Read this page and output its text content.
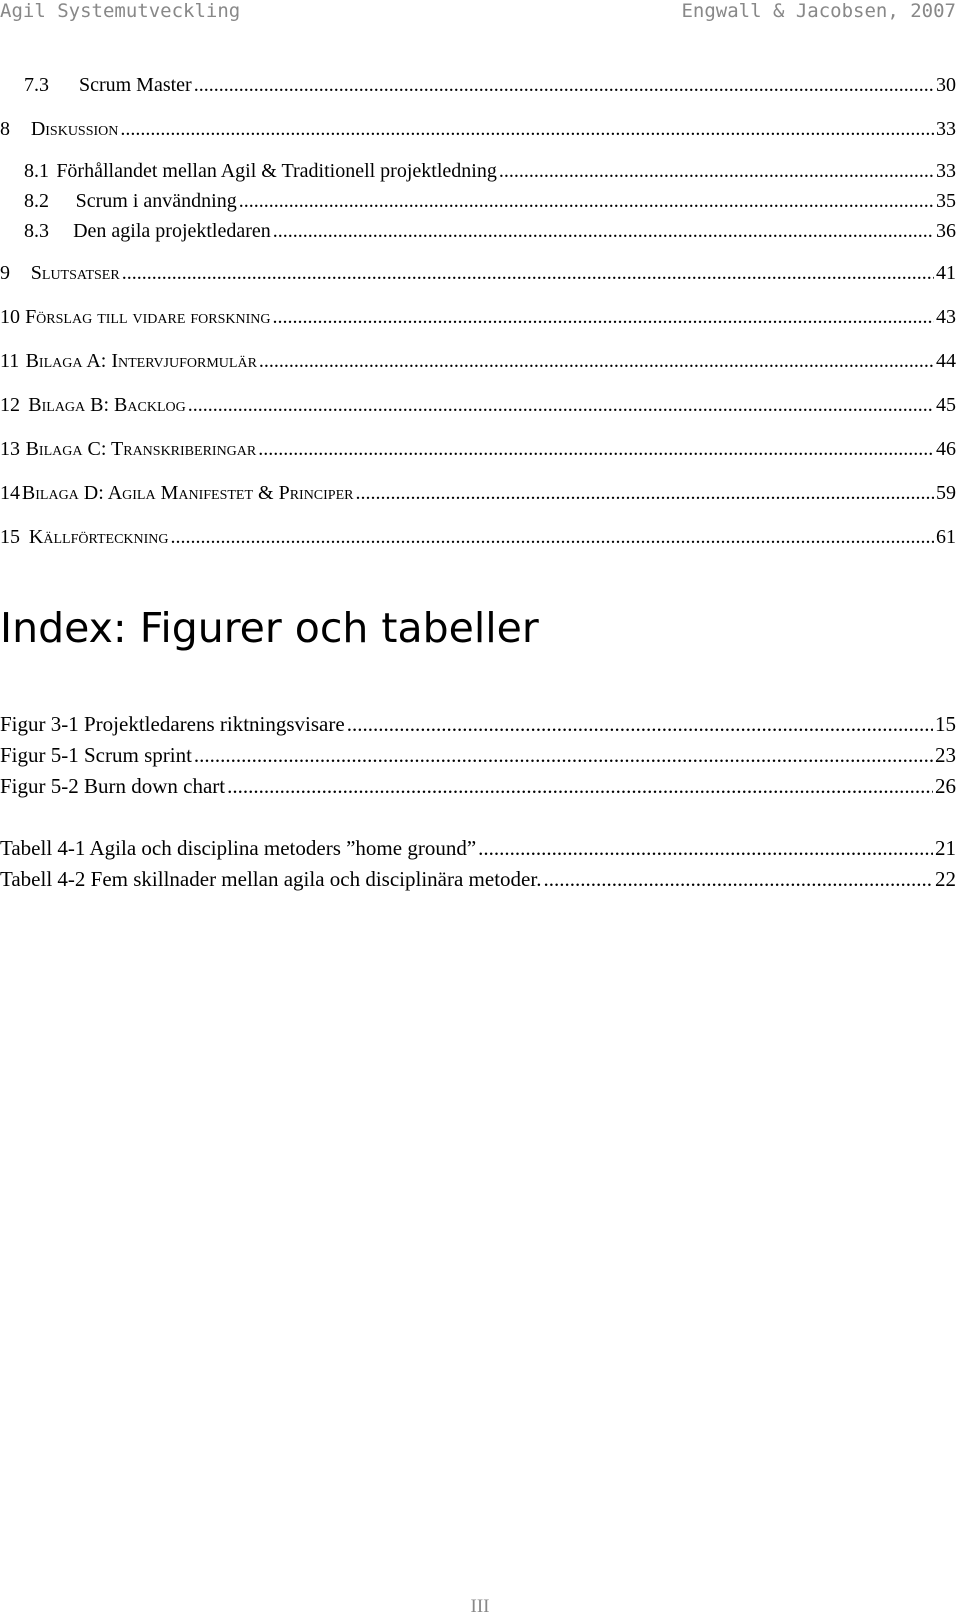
Agil Systemutveckling	Engwall & Jacobsen, 2007
7.3	Scrum Master .....	30
8	Diskussion .....	33
8.1 Förhållandet mellan Agil & Traditionell projektledning .....	33
8.2	Scrum i användning .....	35
8.3	Den agila projektledaren .....	36
9	Slutsatser .....	41
10 Förslag till vidare forskning .....	43
11 Bilaga A: Intervjuformulär .....	44
12 Bilaga B: Backlog .....	45
13 Bilaga C: Transkriberingar .....	46
14 Bilaga D: Agila Manifestet & Principer .....	59
15 Källförteckning .....	61
Index: Figurer och tabeller
Figur 3-1 Projektledarens riktningsvisare .....	15
Figur 5-1 Scrum sprint .....	23
Figur 5-2 Burn down chart .....	26
Tabell 4-1 Agila och disciplina metoders ”home ground” .....	21
Tabell 4-2 Fem skillnader mellan agila och disciplinära metoder. .....	22
III
